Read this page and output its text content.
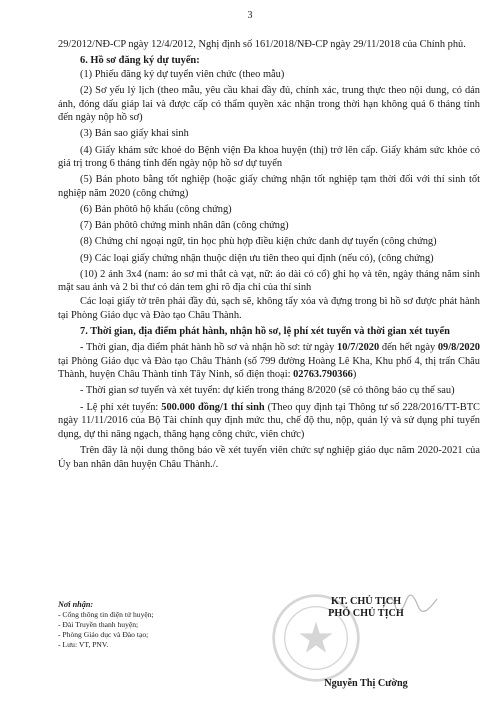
3

29/2012/NĐ-CP ngày 12/4/2012, Nghị định số 161/2018/NĐ-CP ngày 29/11/2018 của Chính phủ.

6. Hồ sơ đăng ký dự tuyển:

(1) Phiếu đăng ký dự tuyển viên chức (theo mẫu)

(2) Sơ yếu lý lịch (theo mẫu, yêu cầu khai đầy đủ, chính xác, trung thực theo nội dung, có dán ảnh, đóng dấu giáp lai và được cấp có thẩm quyền xác nhận trong thời hạn không quá 6 tháng tính đến ngày nộp hồ sơ)

(3) Bản sao giấy khai sinh

(4) Giấy khám sức khoẻ do Bệnh viện Đa khoa huyện (thị) trở lên cấp. Giấy khám sức khỏe có giá trị trong 6 tháng tính đến ngày nộp hồ sơ dự tuyển

(5) Bản photo bằng tốt nghiệp (hoặc giấy chứng nhận tốt nghiệp tạm thời đối với thí sinh tốt nghiệp năm 2020 (công chứng)

(6) Bản phôtô hộ khẩu (công chứng)

(7) Bản phôtô chứng minh nhân dân (công chứng)

(8) Chứng chỉ ngoại ngữ, tin học phù hợp điều kiện chức danh dự tuyển (công chứng)

(9) Các loại giấy chứng nhận thuộc diện ưu tiên theo qui định (nếu có), (công chứng)

(10) 2 ảnh 3x4 (nam: áo sơ mi thắt cà vạt, nữ: áo dài có cổ) ghi họ và tên, ngày tháng năm sinh mặt sau ảnh và 2 bì thư có dán tem ghi rõ địa chỉ của thí sinh

Các loại giấy tờ trên phải đầy đủ, sạch sẽ, không tẩy xóa và đựng trong bì hồ sơ được phát hành tại Phòng Giáo dục và Đào tạo Châu Thành.

7. Thời gian, địa điểm phát hành, nhận hồ sơ, lệ phí xét tuyển và thời gian xét tuyển

- Thời gian, địa điểm phát hành hồ sơ và nhận hồ sơ: từ ngày 10/7/2020 đến hết ngày 09/8/2020 tại Phòng Giáo dục và Đào tạo Châu Thành (số 799 đường Hoàng Lê Kha, Khu phố 4, thị trấn Châu Thành, huyện Châu Thành tỉnh Tây Ninh, số điện thoại: 02763.790366)

- Thời gian sơ tuyển và xét tuyển: dự kiến trong tháng 8/2020 (sẽ có thông báo cụ thể sau)

- Lệ phí xét tuyển: 500.000 đồng/1 thí sinh (Theo quy định tại Thông tư số 228/2016/TT-BTC ngày 11/11/2016 của Bộ Tài chính quy định mức thu, chế độ thu, nộp, quản lý và sử dụng phí tuyển dụng, dự thi nâng ngạch, thăng hạng công chức, viên chức)

Trên đây là nội dung thông báo về xét tuyển viên chức sự nghiệp giáo dục năm 2020-2021 của Ủy ban nhân dân huyện Châu Thành./.

Nơi nhận:
- Cổng thông tin điện tử huyện;
- Đài Truyền thanh huyện;
- Phòng Giáo dục và Đào tạo;
- Lưu: VT, PNV.
KT. CHỦ TỊCH
PHÓ CHỦ TỊCH
Nguyễn Thị Cường
